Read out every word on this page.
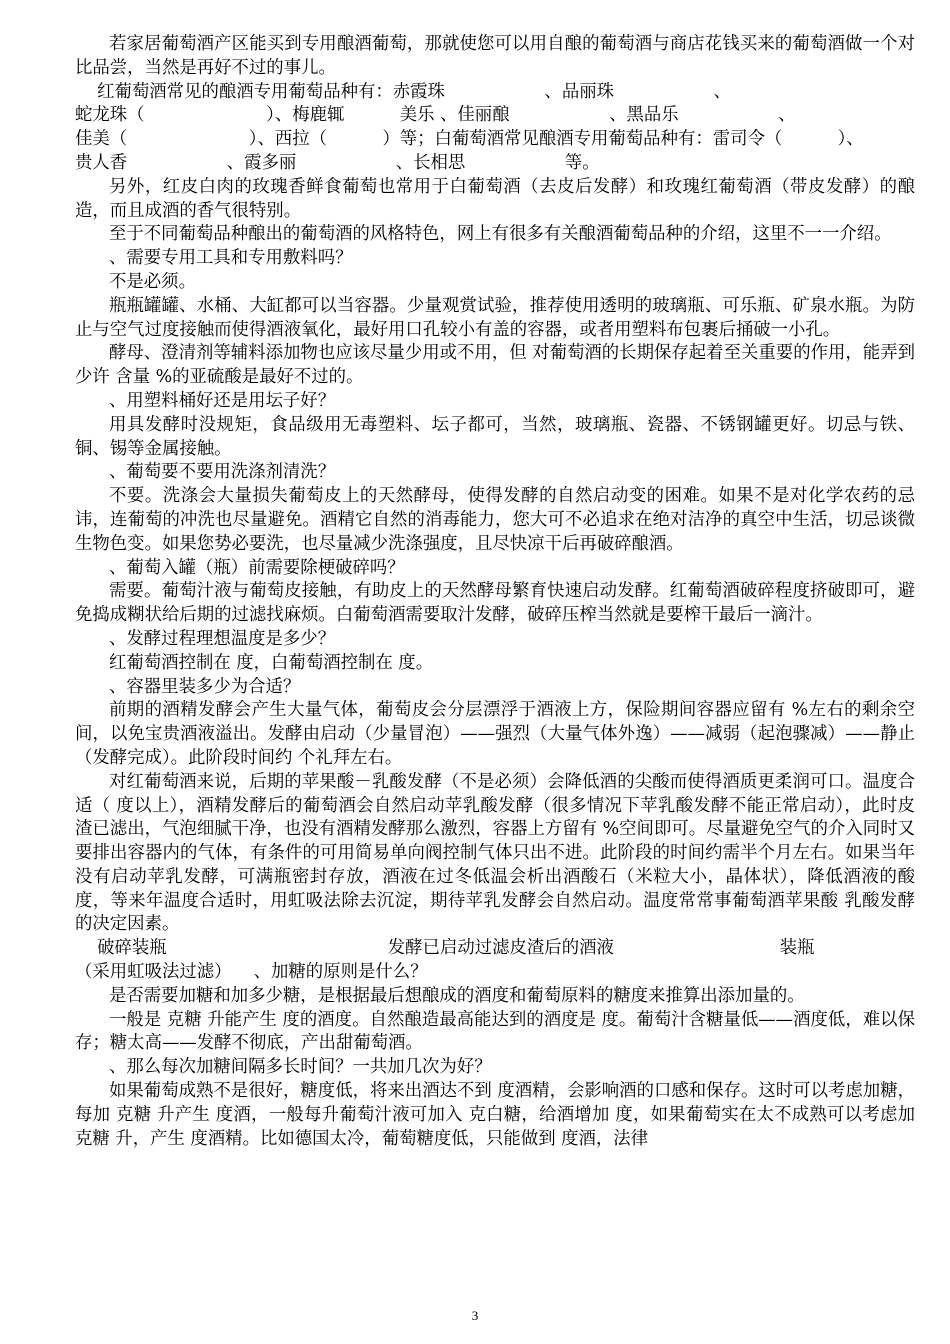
若家居葡萄酒产区能买到专用酿酒葡萄，那就使您可以用自酿的葡萄酒与商店花钱买来的葡萄酒做一个对比品尝，当然是再好不过的事儿。

红葡萄酒常见的酿酒专用葡萄品种有：赤霞珠                  、品丽珠                  、

蛇龙珠（                      ）、梅鹿辄          美乐 、佳丽酿                  、黑品乐                  、

佳美（                      ）、西拉（          ）等；白葡萄酒常见酿酒专用葡萄品种有：雷司令（          ）、

贵人香                  、霞多丽                  、长相思                  等。

另外，红皮白肉的玫瑰香鲜食葡萄也常用于白葡萄酒（去皮后发酵）和玫瑰红葡萄酒（带皮发酵）的酿造，而且成酒的香气很特别。

至于不同葡萄品种酿出的葡萄酒的风格特色，网上有很多有关酿酒葡萄品种的介绍，这里不一一介绍。

、需要专用工具和专用敷料吗？

不是必须。

瓶瓶罐罐、水桶、大缸都可以当容器。少量观赏试验，推荐使用透明的玻璃瓶、可乐瓶、矿泉水瓶。为防止与空气过度接触而使得酒液氧化，最好用口孔较小有盖的容器，或者用塑料布包裹后捅破一小孔。

酵母、澄清剂等辅料添加物也应该尽量少用或不用，但 对葡萄酒的长期保存起着至关重要的作用，能弄到少许 含量 %的亚硫酸是最好不过的。

、用塑料桶好还是用坛子好？

用具发酵时没规矩，食品级用无毒塑料、坛子都可，当然，玻璃瓶、瓷器、不锈钢罐更好。切忌与铁、铜、锡等金属接触。

、葡萄要不要用洗涤剂清洗？

不要。洗涤会大量损失葡萄皮上的天然酵母，使得发酵的自然启动变的困难。如果不是对化学农药的忌讳，连葡萄的冲洗也尽量避免。酒精它自然的消毒能力，您大可不必追求在绝对洁净的真空中生活，切忌谈微生物色变。如果您势必要洗，也尽量减少洗涤强度，且尽快凉干后再破碎酿酒。

、葡萄入罐（瓶）前需要除梗破碎吗？

需要。葡萄汁液与葡萄皮接触，有助皮上的天然酵母繁育快速启动发酵。红葡萄酒破碎程度挤破即可，避免捣成糊状给后期的过滤找麻烦。白葡萄酒需要取汁发酵，破碎压榨当然就是要榨干最后一滴汁。

、发酵过程理想温度是多少？

红葡萄酒控制在 度，白葡萄酒控制在 度。

、容器里装多少为合适？

前期的酒精发酵会产生大量气体，葡萄皮会分层漂浮于酒液上方，保险期间容器应留有 %左右的剩余空间，以免宝贵酒液溢出。发酵由启动（少量冒泡）——强烈（大量气体外逸）——减弱（起泡骤减）——静止（发酵完成）。此阶段时间约 个礼拜左右。

对红葡萄酒来说，后期的苹果酸－乳酸发酵（不是必须）会降低酒的尖酸而使得酒质更柔润可口。温度合适（ 度以上），酒精发酵后的葡萄酒会自然启动苹乳酸发酵（很多情况下苹乳酸发酵不能正常启动），此时皮渣已滤出，气泡细腻干净，也没有酒精发酵那么激烈，容器上方留有 %空间即可。尽量避免空气的介入同时又要排出容器内的气体，有条件的可用简易单向阀控制气体只出不进。此阶段的时间约需半个月左右。如果当年没有启动苹乳发酵，可满瓶密封存放，酒液在过冬低温会析出酒酸石（米粒大小，晶体状），降低酒液的酸度，等来年温度合适时，用虹吸法除去沉淀，期待苹乳发酵会自然启动。温度常常事葡萄酒苹果酸 乳酸发酵的决定因素。

破碎装瓶                                        发酵已启动过滤皮渣后的酒液                              装瓶

（采用虹吸法过滤）    、加糖的原则是什么？

是否需要加糖和加多少糖，是根据最后想酿成的酒度和葡萄原料的糖度来推算出添加量的。

一般是 克糖 升能产生 度的酒度。自然酿造最高能达到的酒度是 度。葡萄汁含糖量低——酒度低，难以保存；糖太高——发酵不彻底，产出甜葡萄酒。

、那么每次加糖间隔多长时间？一共加几次为好？

如果葡萄成熟不是很好，糖度低，将来出酒达不到 度酒精，会影响酒的口感和保存。这时可以考虑加糖，每加 克糖 升产生 度酒，一般每升葡萄汁液可加入 克白糖，给酒增加 度，如果葡萄实在太不成熟可以考虑加 克糖 升，产生 度酒精。比如德国太冷，葡萄糖度低，只能做到 度酒，法律

3
